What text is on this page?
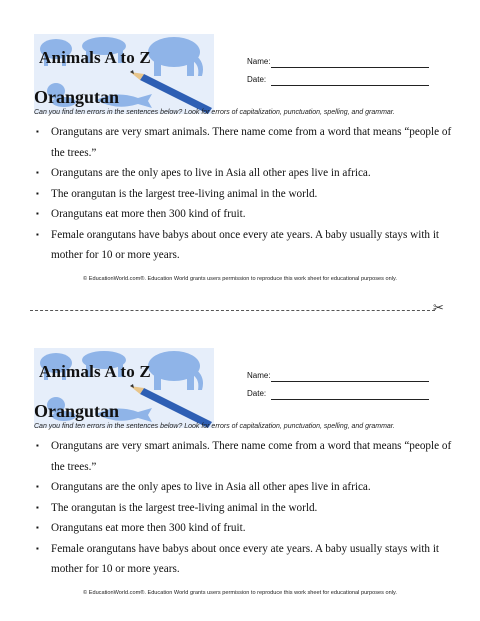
Animals A to Z	Name:
Date:
Orangutan
Can you find ten errors in the sentences below? Look for errors of capitalization, punctuation, spelling, and grammar.
▪ Orangutans are very smart animals. There name come from a word that means “people of the trees.”
▪ Orangutans are the only apes to live in Asia all other apes live in africa.
▪ The orangutan is the largest tree-living animal in the world.
▪ Orangutans eat more then 300 kind of fruit.
▪ Female orangutans have babys about once every ate years. A baby usually stays with it mother for 10 or more years.
© EducationWorld.com®. Education World grants users permission to reproduce this work sheet for educational purposes only.
✂
Animals A to Z	Name:
Date:
Orangutan
Can you find ten errors in the sentences below? Look for errors of capitalization, punctuation, spelling, and grammar.
▪ Orangutans are very smart animals. There name come from a word that means “people of the trees.”
▪ Orangutans are the only apes to live in Asia all other apes live in africa.
▪ The orangutan is the largest tree-living animal in the world.
▪ Orangutans eat more then 300 kind of fruit.
▪ Female orangutans have babys about once every ate years. A baby usually stays with it mother for 10 or more years.
© EducationWorld.com®. Education World grants users permission to reproduce this work sheet for educational purposes only.
